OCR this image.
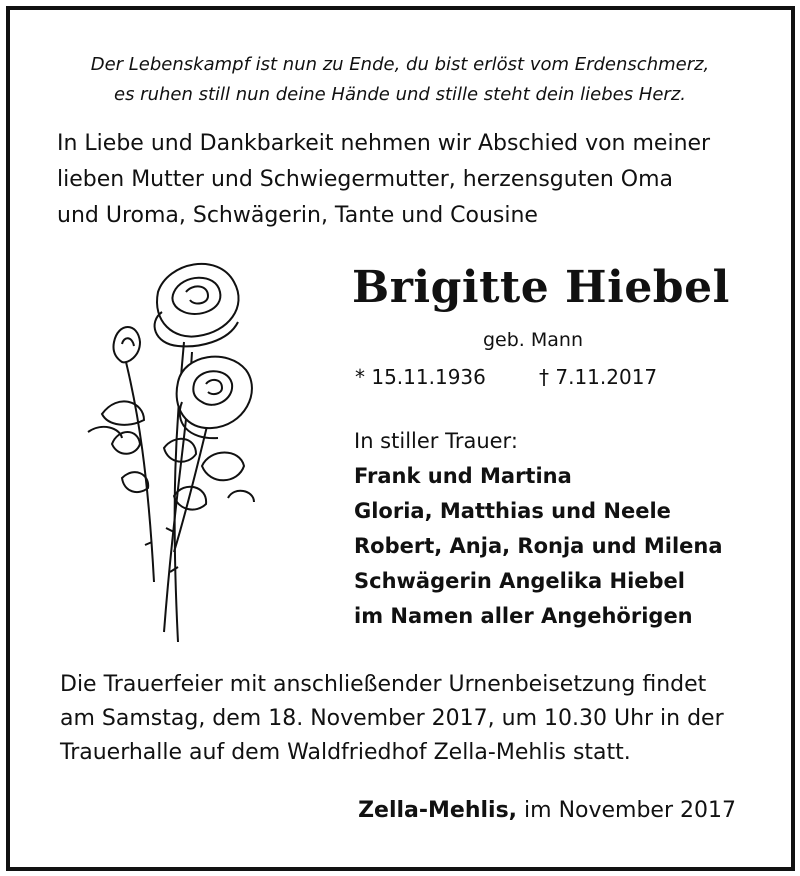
Der Lebenskampf ist nun zu Ende, du bist erlöst vom Erdenschmerz,
es ruhen still nun deine Hände und stille steht dein liebes Herz.
In Liebe und Dankbarkeit nehmen wir Abschied von meiner
lieben Mutter und Schwiegermutter, herzensguten Oma
und Uroma, Schwägerin, Tante und Cousine
Brigitte Hiebel
geb. Mann
* 15.11.1936	† 7.11.2017
In stiller Trauer:
Frank und Martina
Gloria, Matthias und Neele
Robert, Anja, Ronja und Milena
Schwägerin Angelika Hiebel
im Namen aller Angehörigen
Die Trauerfeier mit anschließender Urnenbeisetzung findet
am Samstag, dem 18. November 2017, um 10.30 Uhr in der
Trauerhalle auf dem Waldfriedhof Zella-Mehlis statt.
Zella-Mehlis, im November 2017
